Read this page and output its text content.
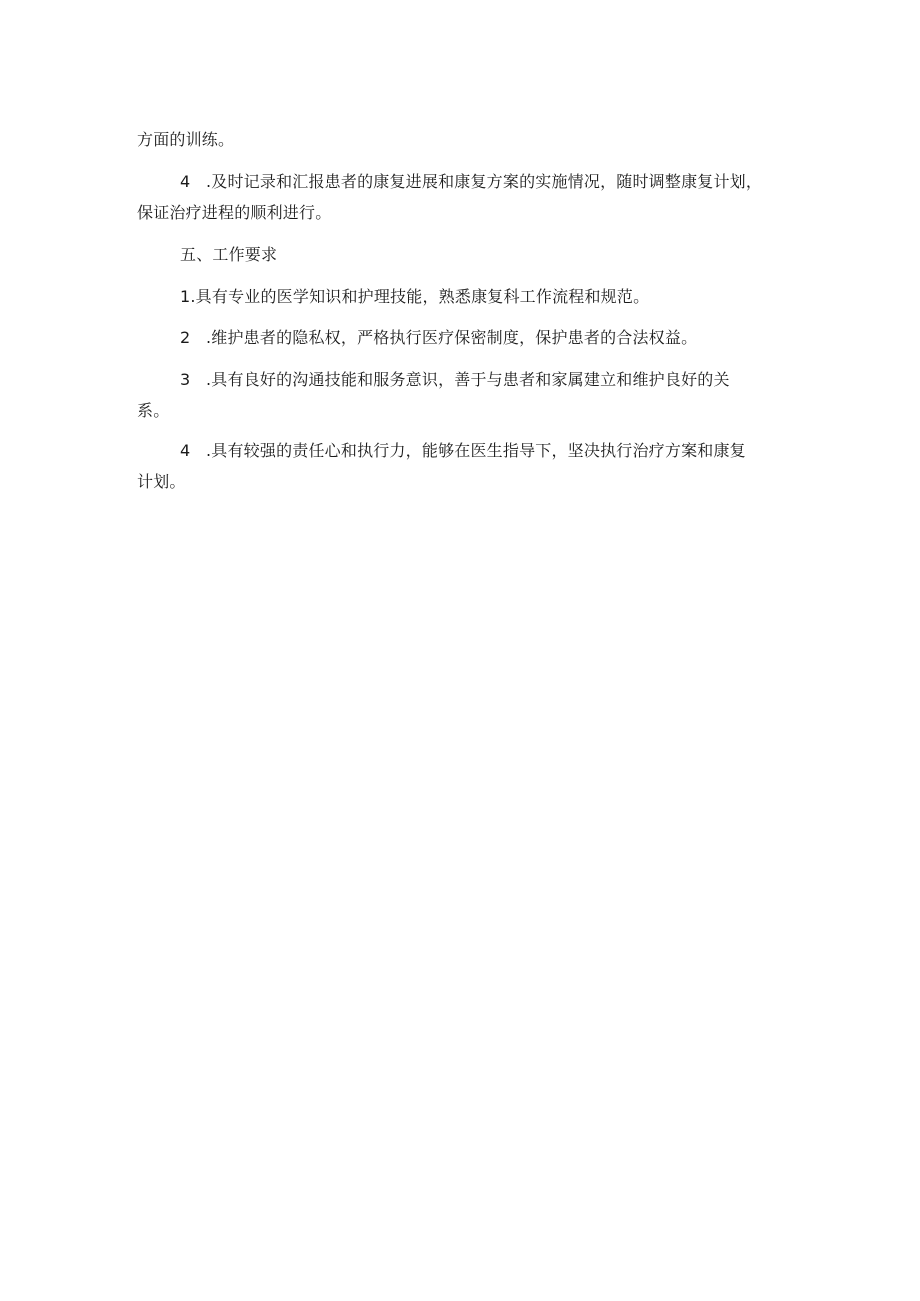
方面的训练。
4 .及时记录和汇报患者的康复进展和康复方案的实施情况，随时调整康复计划，
保证治疗进程的顺利进行。
五、工作要求
1.具有专业的医学知识和护理技能，熟悉康复科工作流程和规范。
2 .维护患者的隐私权，严格执行医疗保密制度，保护患者的合法权益。
3 .具有良好的沟通技能和服务意识，善于与患者和家属建立和维护良好的关
系。
4 .具有较强的责任心和执行力，能够在医生指导下，坚决执行治疗方案和康复
计划。
